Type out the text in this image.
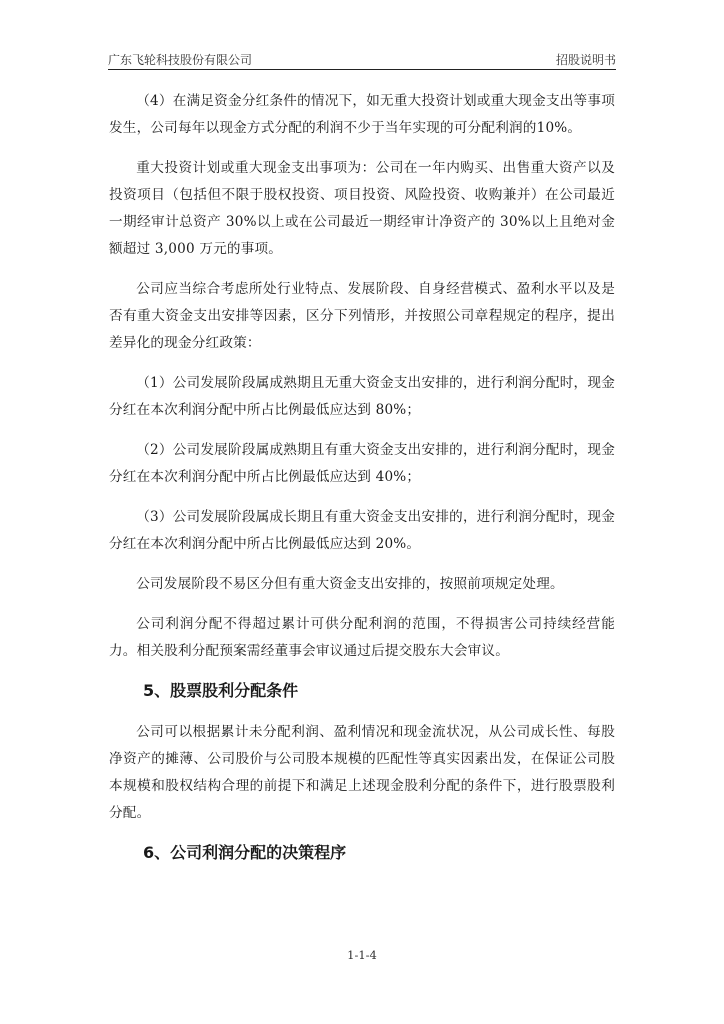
广东飞轮科技股份有限公司	招股说明书

（4）在满足资金分红条件的情况下，如无重大投资计划或重大现金支出等事项发生，公司每年以现金方式分配的利润不少于当年实现的可分配利润的10%。

重大投资计划或重大现金支出事项为：公司在一年内购买、出售重大资产以及投资项目（包括但不限于股权投资、项目投资、风险投资、收购兼并）在公司最近一期经审计总资产 30%以上或在公司最近一期经审计净资产的 30%以上且绝对金额超过 3,000 万元的事项。

公司应当综合考虑所处行业特点、发展阶段、自身经营模式、盈利水平以及是否有重大资金支出安排等因素，区分下列情形，并按照公司章程规定的程序，提出差异化的现金分红政策：

（1）公司发展阶段属成熟期且无重大资金支出安排的，进行利润分配时，现金分红在本次利润分配中所占比例最低应达到 80%；

（2）公司发展阶段属成熟期且有重大资金支出安排的，进行利润分配时，现金分红在本次利润分配中所占比例最低应达到 40%；

（3）公司发展阶段属成长期且有重大资金支出安排的，进行利润分配时，现金分红在本次利润分配中所占比例最低应达到 20%。

公司发展阶段不易区分但有重大资金支出安排的，按照前项规定处理。

公司利润分配不得超过累计可供分配利润的范围，不得损害公司持续经营能力。相关股利分配预案需经董事会审议通过后提交股东大会审议。

5、股票股利分配条件

公司可以根据累计未分配利润、盈利情况和现金流状况，从公司成长性、每股净资产的摊薄、公司股价与公司股本规模的匹配性等真实因素出发，在保证公司股本规模和股权结构合理的前提下和满足上述现金股利分配的条件下，进行股票股利分配。

6、公司利润分配的决策程序
1-1-4
